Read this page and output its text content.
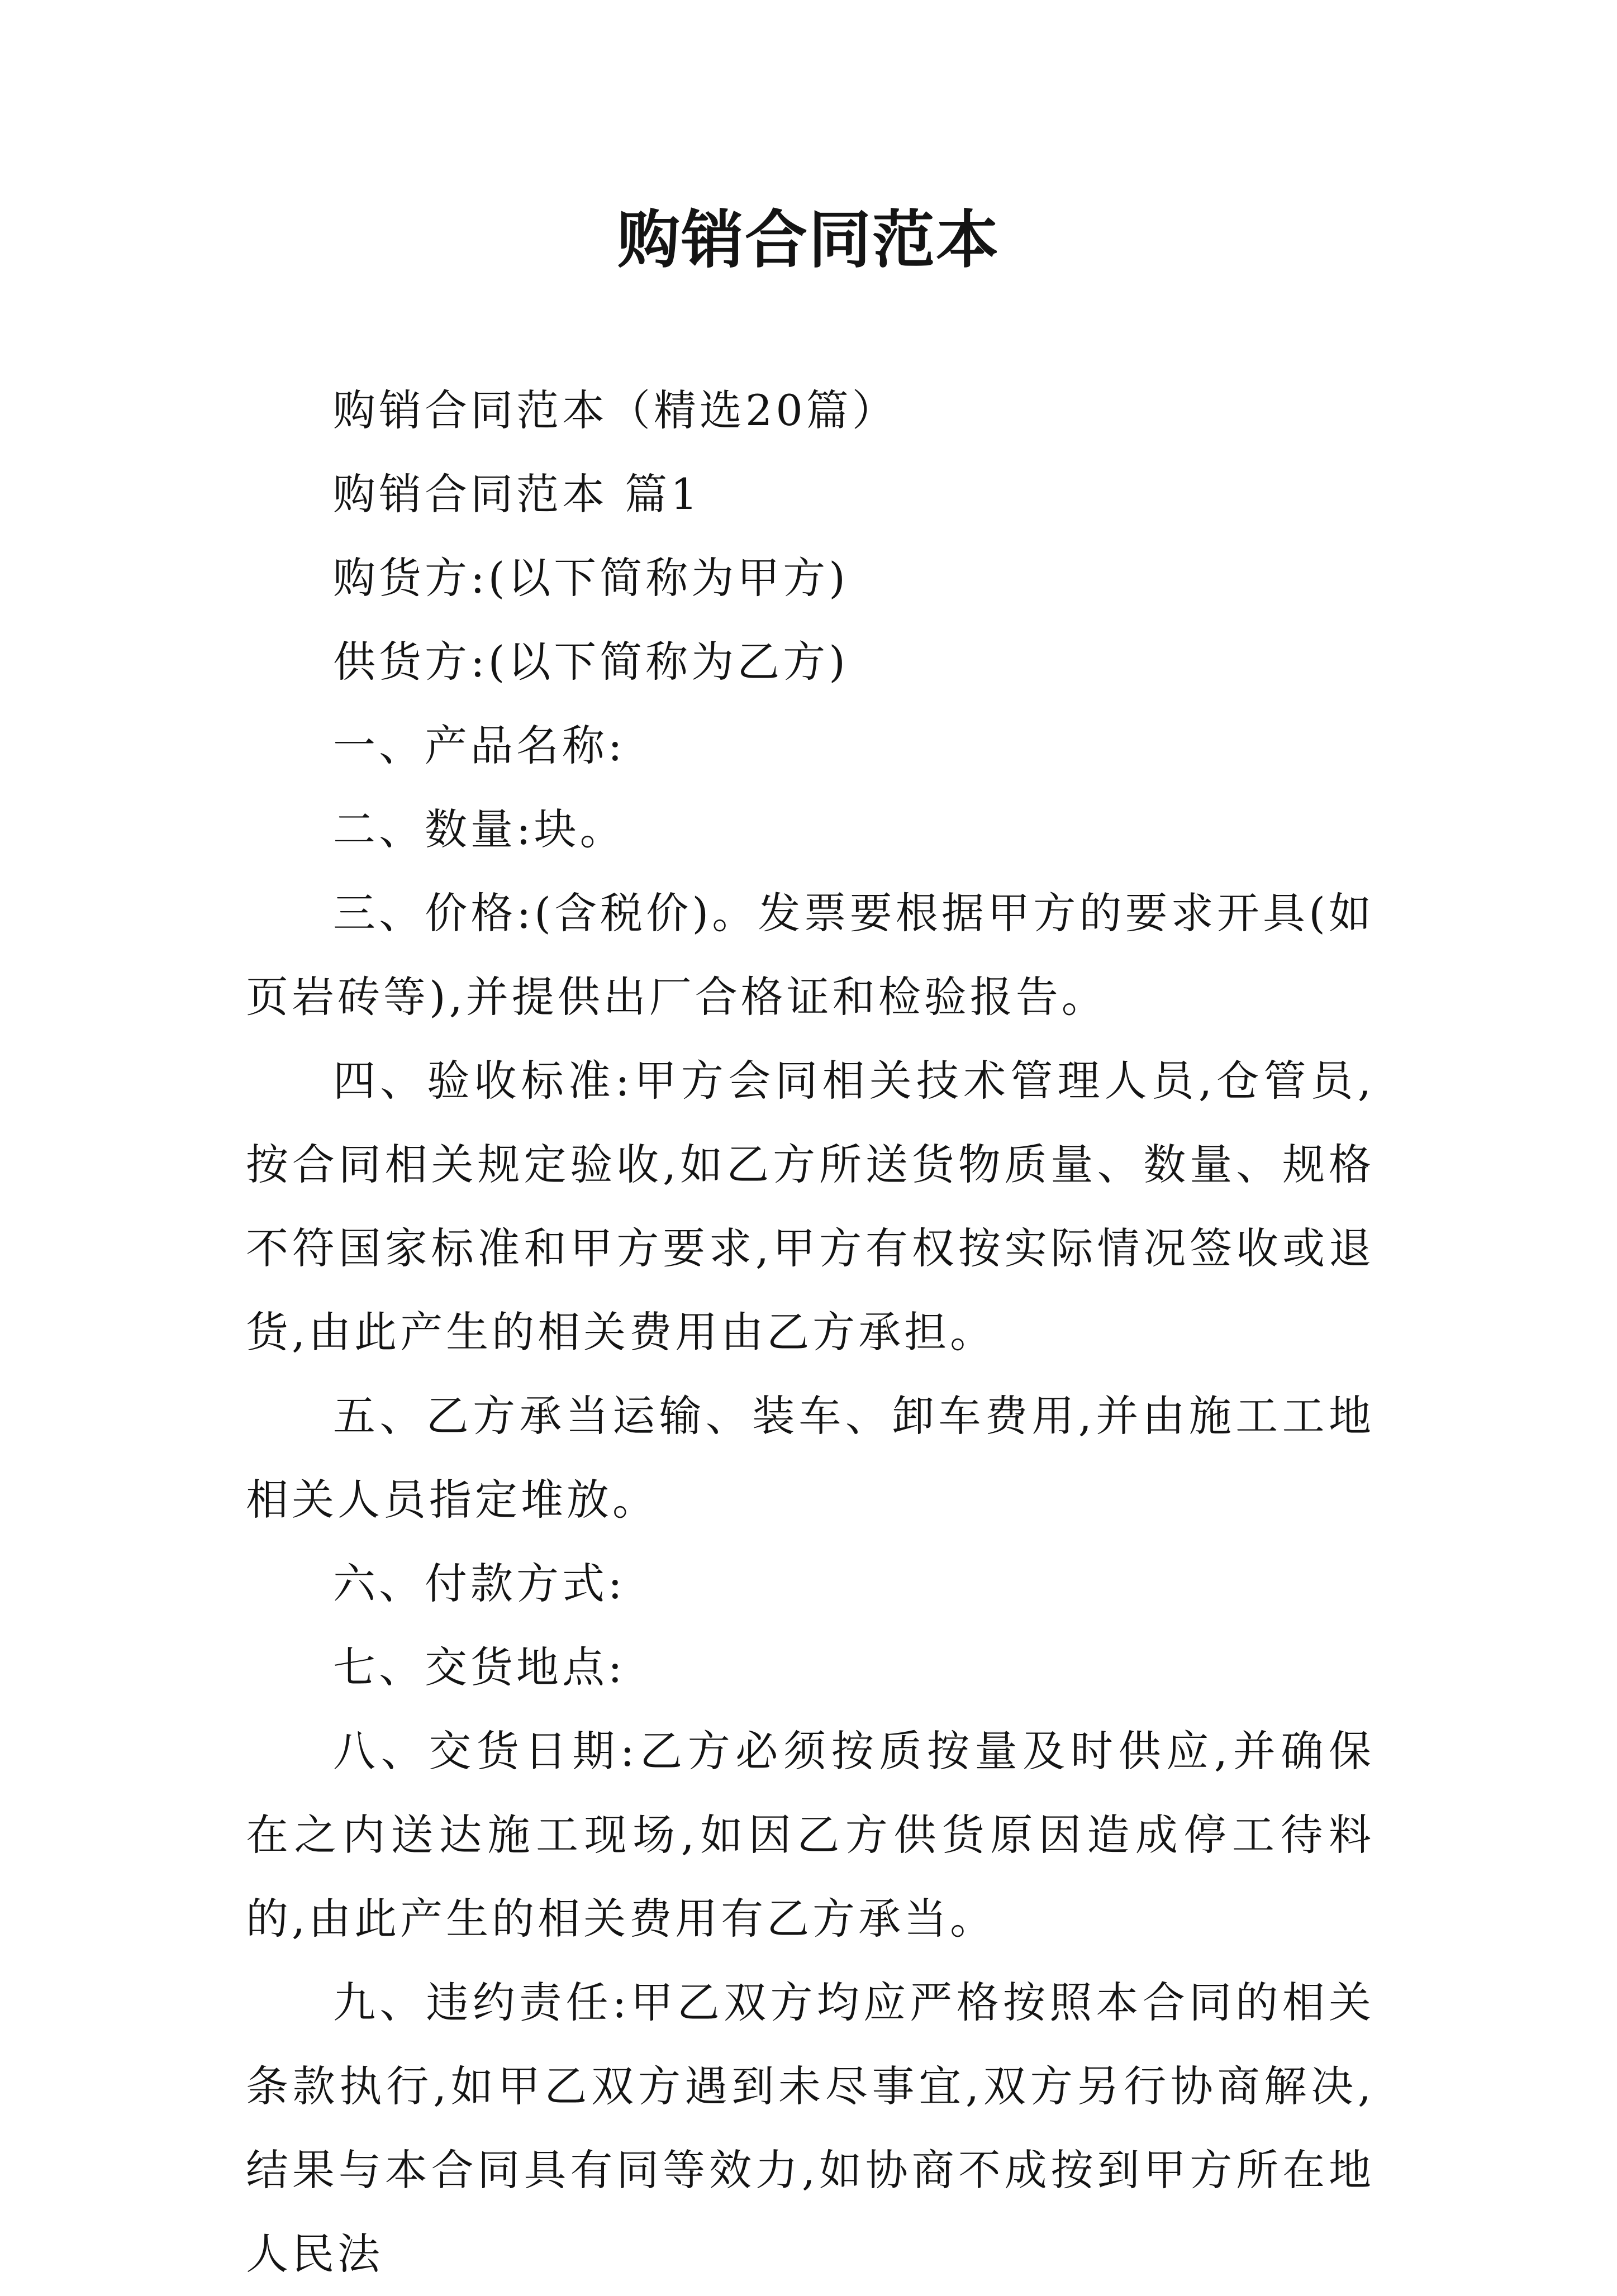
购销合同范本

购销合同范本（精选20篇）

购销合同范本 篇1

购货方:(以下简称为甲方)

供货方:(以下简称为乙方)

一、产品名称:

二、数量:块。

三、价格:(含税价)。发票要根据甲方的要求开具(如页岩砖等),并提供出厂合格证和检验报告。

四、验收标准:甲方会同相关技术管理人员,仓管员,按合同相关规定验收,如乙方所送货物质量、数量、规格不符国家标准和甲方要求,甲方有权按实际情况签收或退货,由此产生的相关费用由乙方承担。

五、乙方承当运输、装车、卸车费用,并由施工工地相关人员指定堆放。

六、付款方式:

七、交货地点:

八、交货日期:乙方必须按质按量及时供应,并确保在之内送达施工现场,如因乙方供货原因造成停工待料的,由此产生的相关费用有乙方承当。

九、违约责任:甲乙双方均应严格按照本合同的相关条款执行,如甲乙双方遇到未尽事宜,双方另行协商解决,结果与本合同具有同等效力,如协商不成按到甲方所在地人民法
